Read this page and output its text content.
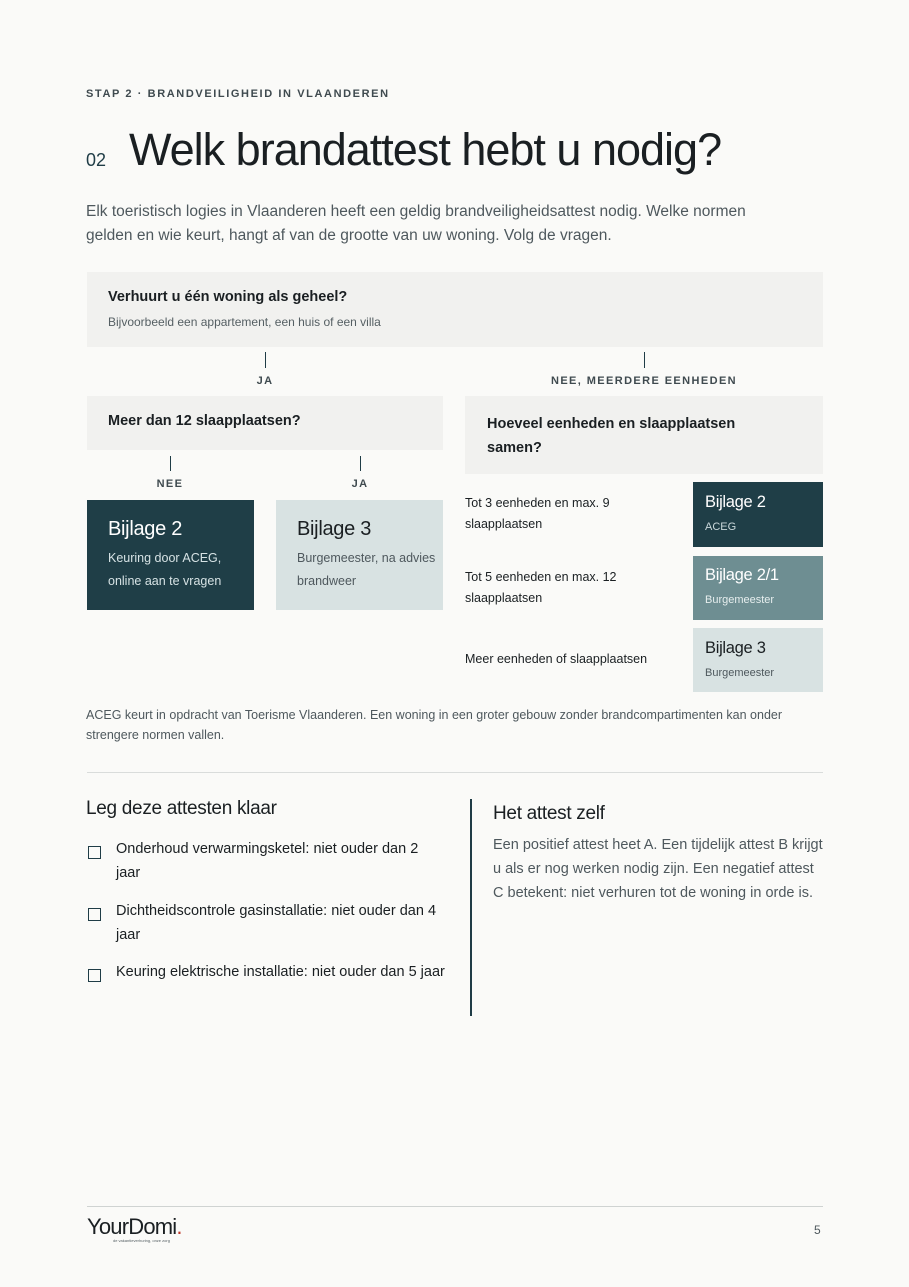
STAP 2 · BRANDVEILIGHEID IN VLAANDEREN
02 Welk brandattest hebt u nodig?
Elk toeristisch logies in Vlaanderen heeft een geldig brandveiligheidsattest nodig. Welke normen gelden en wie keurt, hangt af van de grootte van uw woning. Volg de vragen.
Verhuurt u één woning als geheel?
Bijvoorbeeld een appartement, een huis of een villa
JA	NEE, MEERDERE EENHEDEN
Meer dan 12 slaapplaatsen?	Hoeveel eenheden en slaapplaatsen samen?
NEE	JA
Bijlage 2
Keuring door ACEG, online aan te vragen
Bijlage 3
Burgemeester, na advies brandweer
Tot 3 eenheden en max. 9 slaapplaatsen
Bijlage 2
ACEG
Tot 5 eenheden en max. 12 slaapplaatsen
Bijlage 2/1
Burgemeester
Meer eenheden of slaapplaatsen
Bijlage 3
Burgemeester
ACEG keurt in opdracht van Toerisme Vlaanderen. Een woning in een groter gebouw zonder brandcompartimenten kan onder strengere normen vallen.
Leg deze attesten klaar
Onderhoud verwarmingsketel: niet ouder dan 2 jaar
Dichtheidscontrole gasinstallatie: niet ouder dan 4 jaar
Keuring elektrische installatie: niet ouder dan 5 jaar
Het attest zelf
Een positief attest heet A. Een tijdelijk attest B krijgt u als er nog werken nodig zijn. Een negatief attest C betekent: niet verhuren tot de woning in orde is.
YourDomi.
de vakantieverhuring, onze zorg
5
